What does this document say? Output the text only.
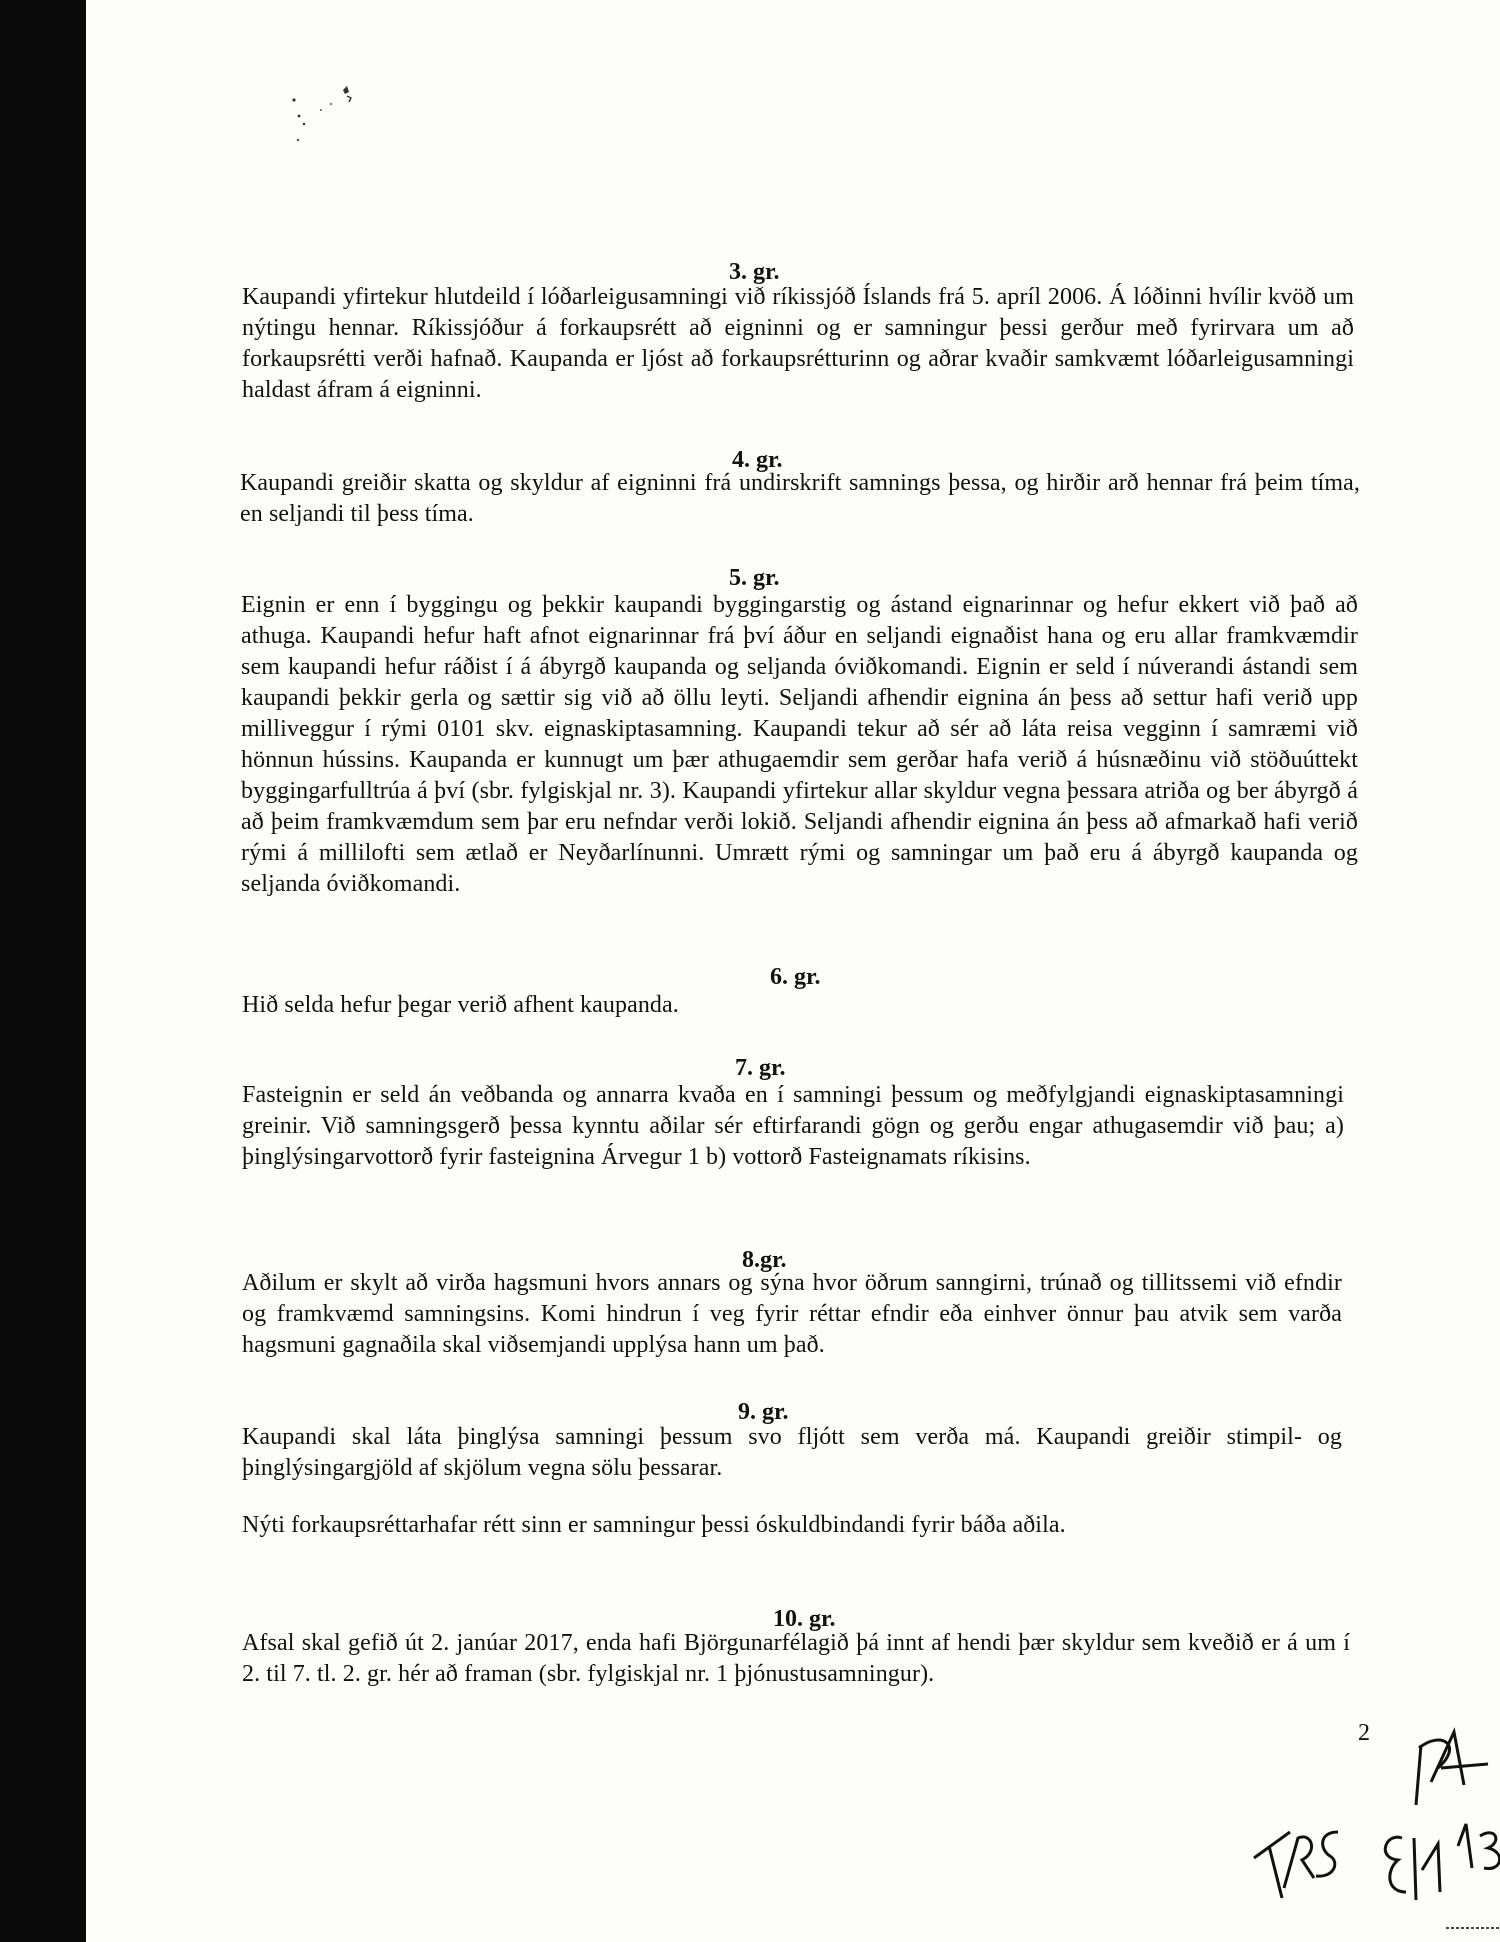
3. gr.
Kaupandi yfirtekur hlutdeild í lóðarleigusamningi við ríkissjóð Íslands frá 5. apríl 2006. Á lóðinni hvílir kvöð um nýtingu hennar. Ríkissjóður á forkaupsrétt að eigninni og er samningur þessi gerður með fyrirvara um að forkaupsrétti verði hafnað. Kaupanda er ljóst að forkaupsrétturinn og aðrar kvaðir samkvæmt lóðarleigusamningi haldast áfram á eigninni.
4. gr.
Kaupandi greiðir skatta og skyldur af eigninni frá undirskrift samnings þessa, og hirðir arð hennar frá þeim tíma, en seljandi til þess tíma.
5. gr.
Eignin er enn í byggingu og þekkir kaupandi byggingarstig og ástand eignarinnar og hefur ekkert við það að athuga. Kaupandi hefur haft afnot eignarinnar frá því áður en seljandi eignaðist hana og eru allar framkvæmdir sem kaupandi hefur ráðist í á ábyrgð kaupanda og seljanda óviðkomandi. Eignin er seld í núverandi ástandi sem kaupandi þekkir gerla og sættir sig við að öllu leyti. Seljandi afhendir eignina án þess að settur hafi verið upp milliveggur í rými 0101 skv. eignaskiptasamning. Kaupandi tekur að sér að láta reisa vegginn í samræmi við hönnun hússins. Kaupanda er kunnugt um þær athugaemdir sem gerðar hafa verið á húsnæðinu við stöðuúttekt byggingarfulltrúa á því (sbr. fylgiskjal nr. 3). Kaupandi yfirtekur allar skyldur vegna þessara atriða og ber ábyrgð á að þeim framkvæmdum sem þar eru nefndar verði lokið. Seljandi afhendir eignina án þess að afmarkað hafi verið rými á millilofti sem ætlað er Neyðarlínunni. Umrætt rými og samningar um það eru á ábyrgð kaupanda og seljanda óviðkomandi.
6. gr.
Hið selda hefur þegar verið afhent kaupanda.
7. gr.
Fasteignin er seld án veðbanda og annarra kvaða en í samningi þessum og meðfylgjandi eignaskiptasamningi greinir. Við samningsgerð þessa kynntu aðilar sér eftirfarandi gögn og gerðu engar athugasemdir við þau; a) þinglýsingarvottorð fyrir fasteignina Árvegur 1 b) vottorð Fasteignamats ríkisins.
8.gr.
Aðilum er skylt að virða hagsmuni hvors annars og sýna hvor öðrum sanngirni, trúnað og tillitssemi við efndir og framkvæmd samningsins. Komi hindrun í veg fyrir réttar efndir eða einhver önnur þau atvik sem varða hagsmuni gagnaðila skal viðsemjandi upplýsa hann um það.
9. gr.
Kaupandi skal láta þinglýsa samningi þessum svo fljótt sem verða má. Kaupandi greiðir stimpil- og þinglýsingargjöld af skjölum vegna sölu þessarar.
Nýti forkaupsréttarhafar rétt sinn er samningur þessi óskuldbindandi fyrir báða aðila.
10. gr.
Afsal skal gefið út 2. janúar 2017, enda hafi Björgunarfélagið þá innt af hendi þær skyldur sem kveðið er á um í 2. til 7. tl. 2. gr. hér að framan (sbr. fylgiskjal nr. 1 þjónustusamningur).
2
